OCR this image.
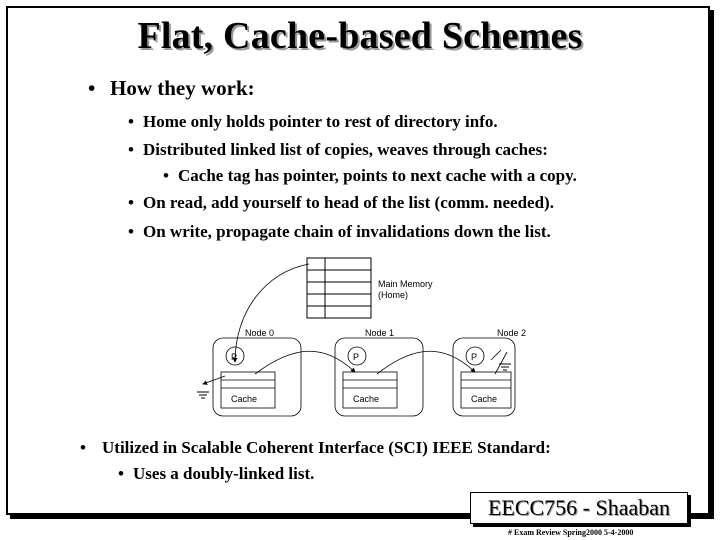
Flat, Cache-based Schemes
• How they work:
• Home only holds pointer to rest of directory info.
• Distributed linked list of copies, weaves through caches:
• Cache tag has pointer, points to next cache with a copy.
• On read, add yourself to head of the list (comm. needed).
• On write, propagate chain of invalidations down the list.
Main Memory
(Home)
Node 0	Node 1	Node 2
P
Cache
P
Cache
P
Cache
• Utilized in Scalable Coherent Interface (SCI) IEEE Standard:
• Uses a doubly-linked list.
EECC756 - Shaaban
# Exam Review Spring2000 5-4-2000
